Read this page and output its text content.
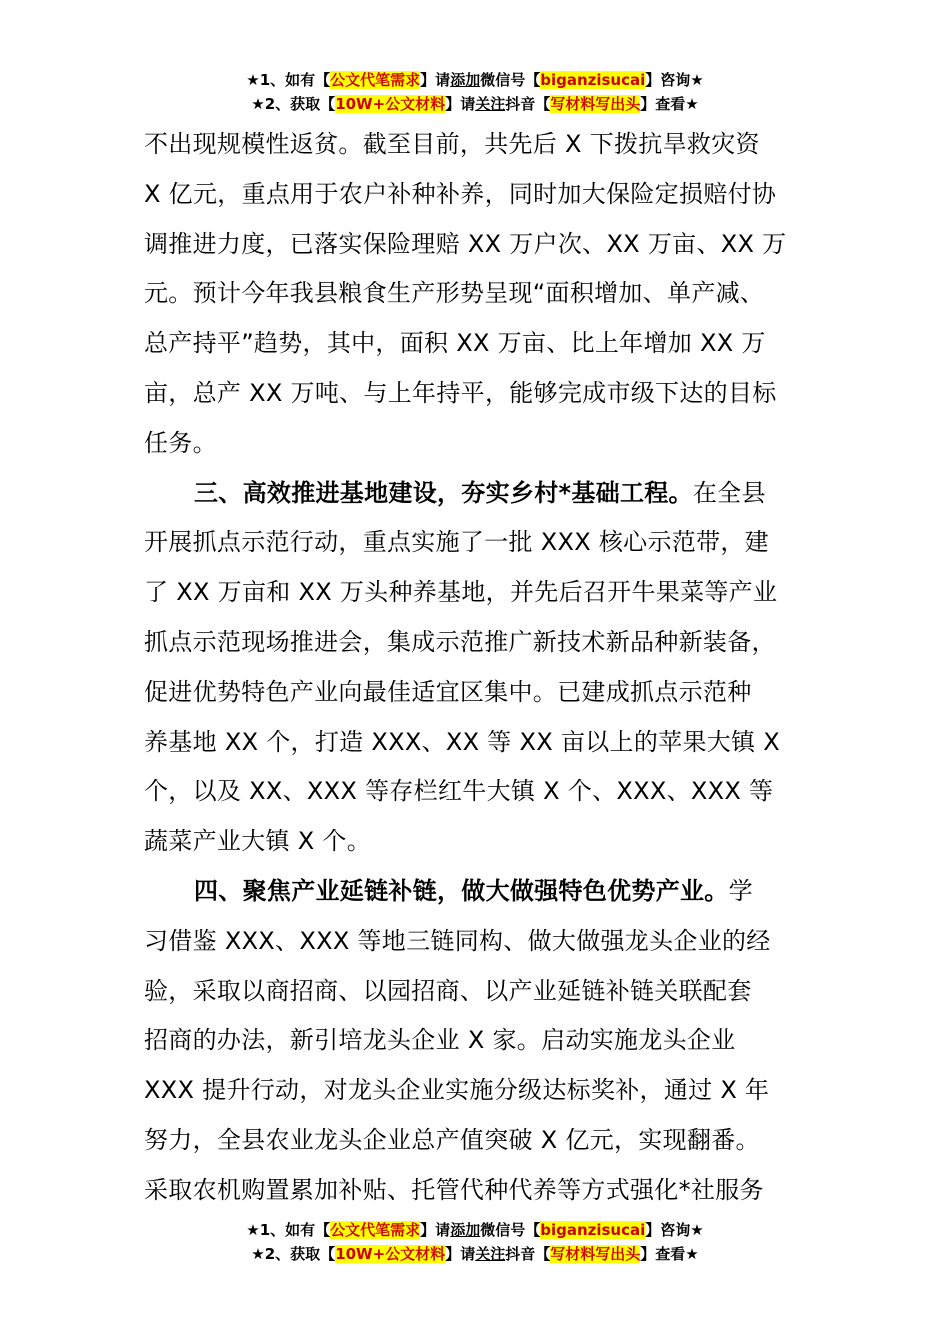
★1、如有【公文代笔需求】请添加微信号【biganzisucai】咨询★
★2、获取【10W+公文材料】请关注抖音【写材料写出头】查看★
不出现规模性返贫。截至目前，共先后 X 下拨抗旱救灾资
X 亿元，重点用于农户补种补养，同时加大保险定损赔付协
调推进力度，已落实保险理赔 XX 万户次、XX 万亩、XX 万
元。预计今年我县粮食生产形势呈现“面积增加、单产减、
总产持平”趋势，其中，面积 XX 万亩、比上年增加 XX 万
亩，总产 XX 万吨、与上年持平，能够完成市级下达的目标
任务。
三、高效推进基地建设，夯实乡村*基础工程。在全县
开展抓点示范行动，重点实施了一批 XXX 核心示范带，建
了 XX 万亩和 XX 万头种养基地，并先后召开牛果菜等产业
抓点示范现场推进会，集成示范推广新技术新品种新装备，
促进优势特色产业向最佳适宜区集中。已建成抓点示范种
养基地 XX 个，打造 XXX、XX 等 XX 亩以上的苹果大镇 X
个，以及 XX、XXX 等存栏红牛大镇 X 个、XXX、XXX 等
蔬菜产业大镇 X 个。
四、聚焦产业延链补链，做大做强特色优势产业。学
习借鉴 XXX、XXX 等地三链同构、做大做强龙头企业的经
验，采取以商招商、以园招商、以产业延链补链关联配套
招商的办法，新引培龙头企业 X 家。启动实施龙头企业
XXX 提升行动，对龙头企业实施分级达标奖补，通过 X 年
努力，全县农业龙头企业总产值突破 X 亿元，实现翻番。
采取农机购置累加补贴、托管代种代养等方式强化*社服务
★1、如有【公文代笔需求】请添加微信号【biganzisucai】咨询★
★2、获取【10W+公文材料】请关注抖音【写材料写出头】查看★
